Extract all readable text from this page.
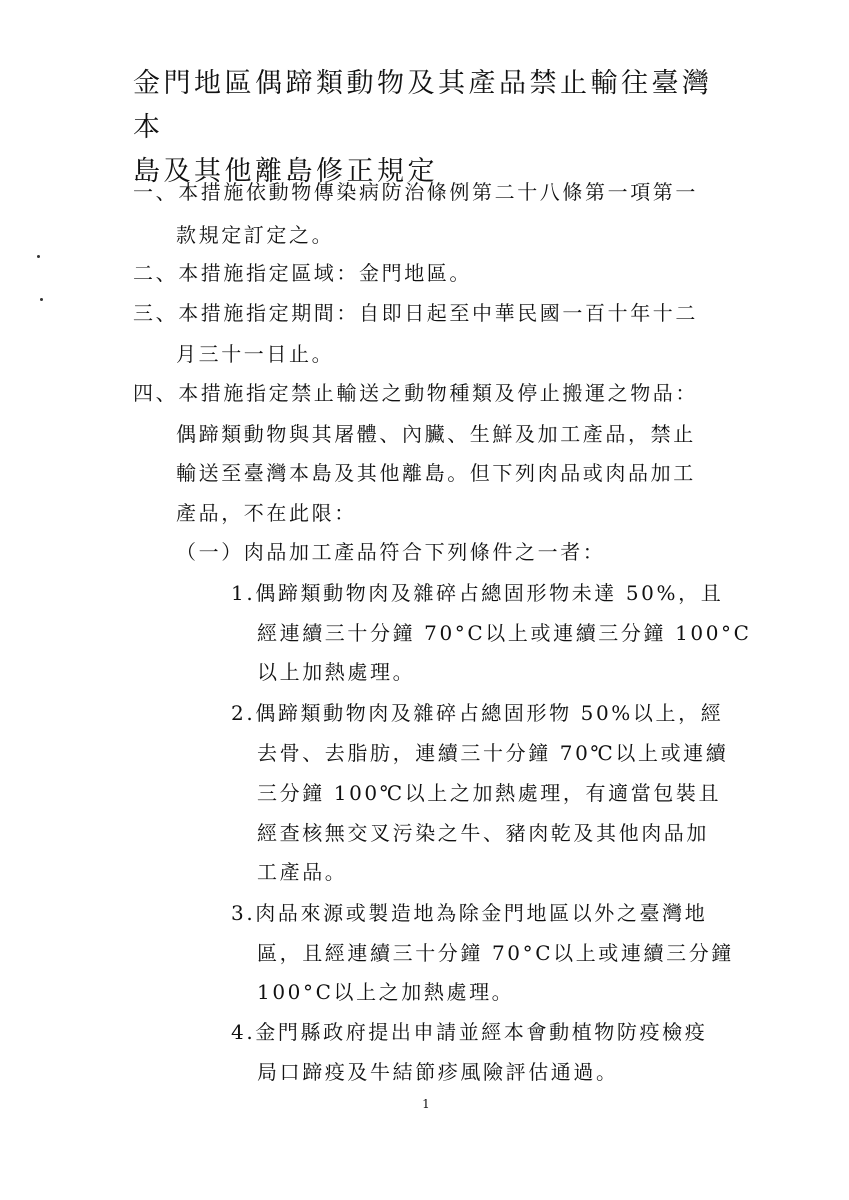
金門地區偶蹄類動物及其產品禁止輸往臺灣本
島及其他離島修正規定
一、本措施依動物傳染病防治條例第二十八條第一項第一
款規定訂定之。
二、本措施指定區域：金門地區。
三、本措施指定期間：自即日起至中華民國一百十年十二
月三十一日止。
四、本措施指定禁止輸送之動物種類及停止搬運之物品：
偶蹄類動物與其屠體、內臟、生鮮及加工產品，禁止
輸送至臺灣本島及其他離島。但下列肉品或肉品加工
產品，不在此限：
（一）肉品加工產品符合下列條件之一者：
1.偶蹄類動物肉及雜碎占總固形物未達 50%，且
經連續三十分鐘 70°C以上或連續三分鐘 100°C
以上加熱處理。
2.偶蹄類動物肉及雜碎占總固形物 50%以上，經
去骨、去脂肪，連續三十分鐘 70℃以上或連續
三分鐘 100℃以上之加熱處理，有適當包裝且
經查核無交叉污染之牛、豬肉乾及其他肉品加
工產品。
3.肉品來源或製造地為除金門地區以外之臺灣地
區，且經連續三十分鐘 70°C以上或連續三分鐘
100°C以上之加熱處理。
4.金門縣政府提出申請並經本會動植物防疫檢疫
局口蹄疫及牛結節疹風險評估通過。
1
